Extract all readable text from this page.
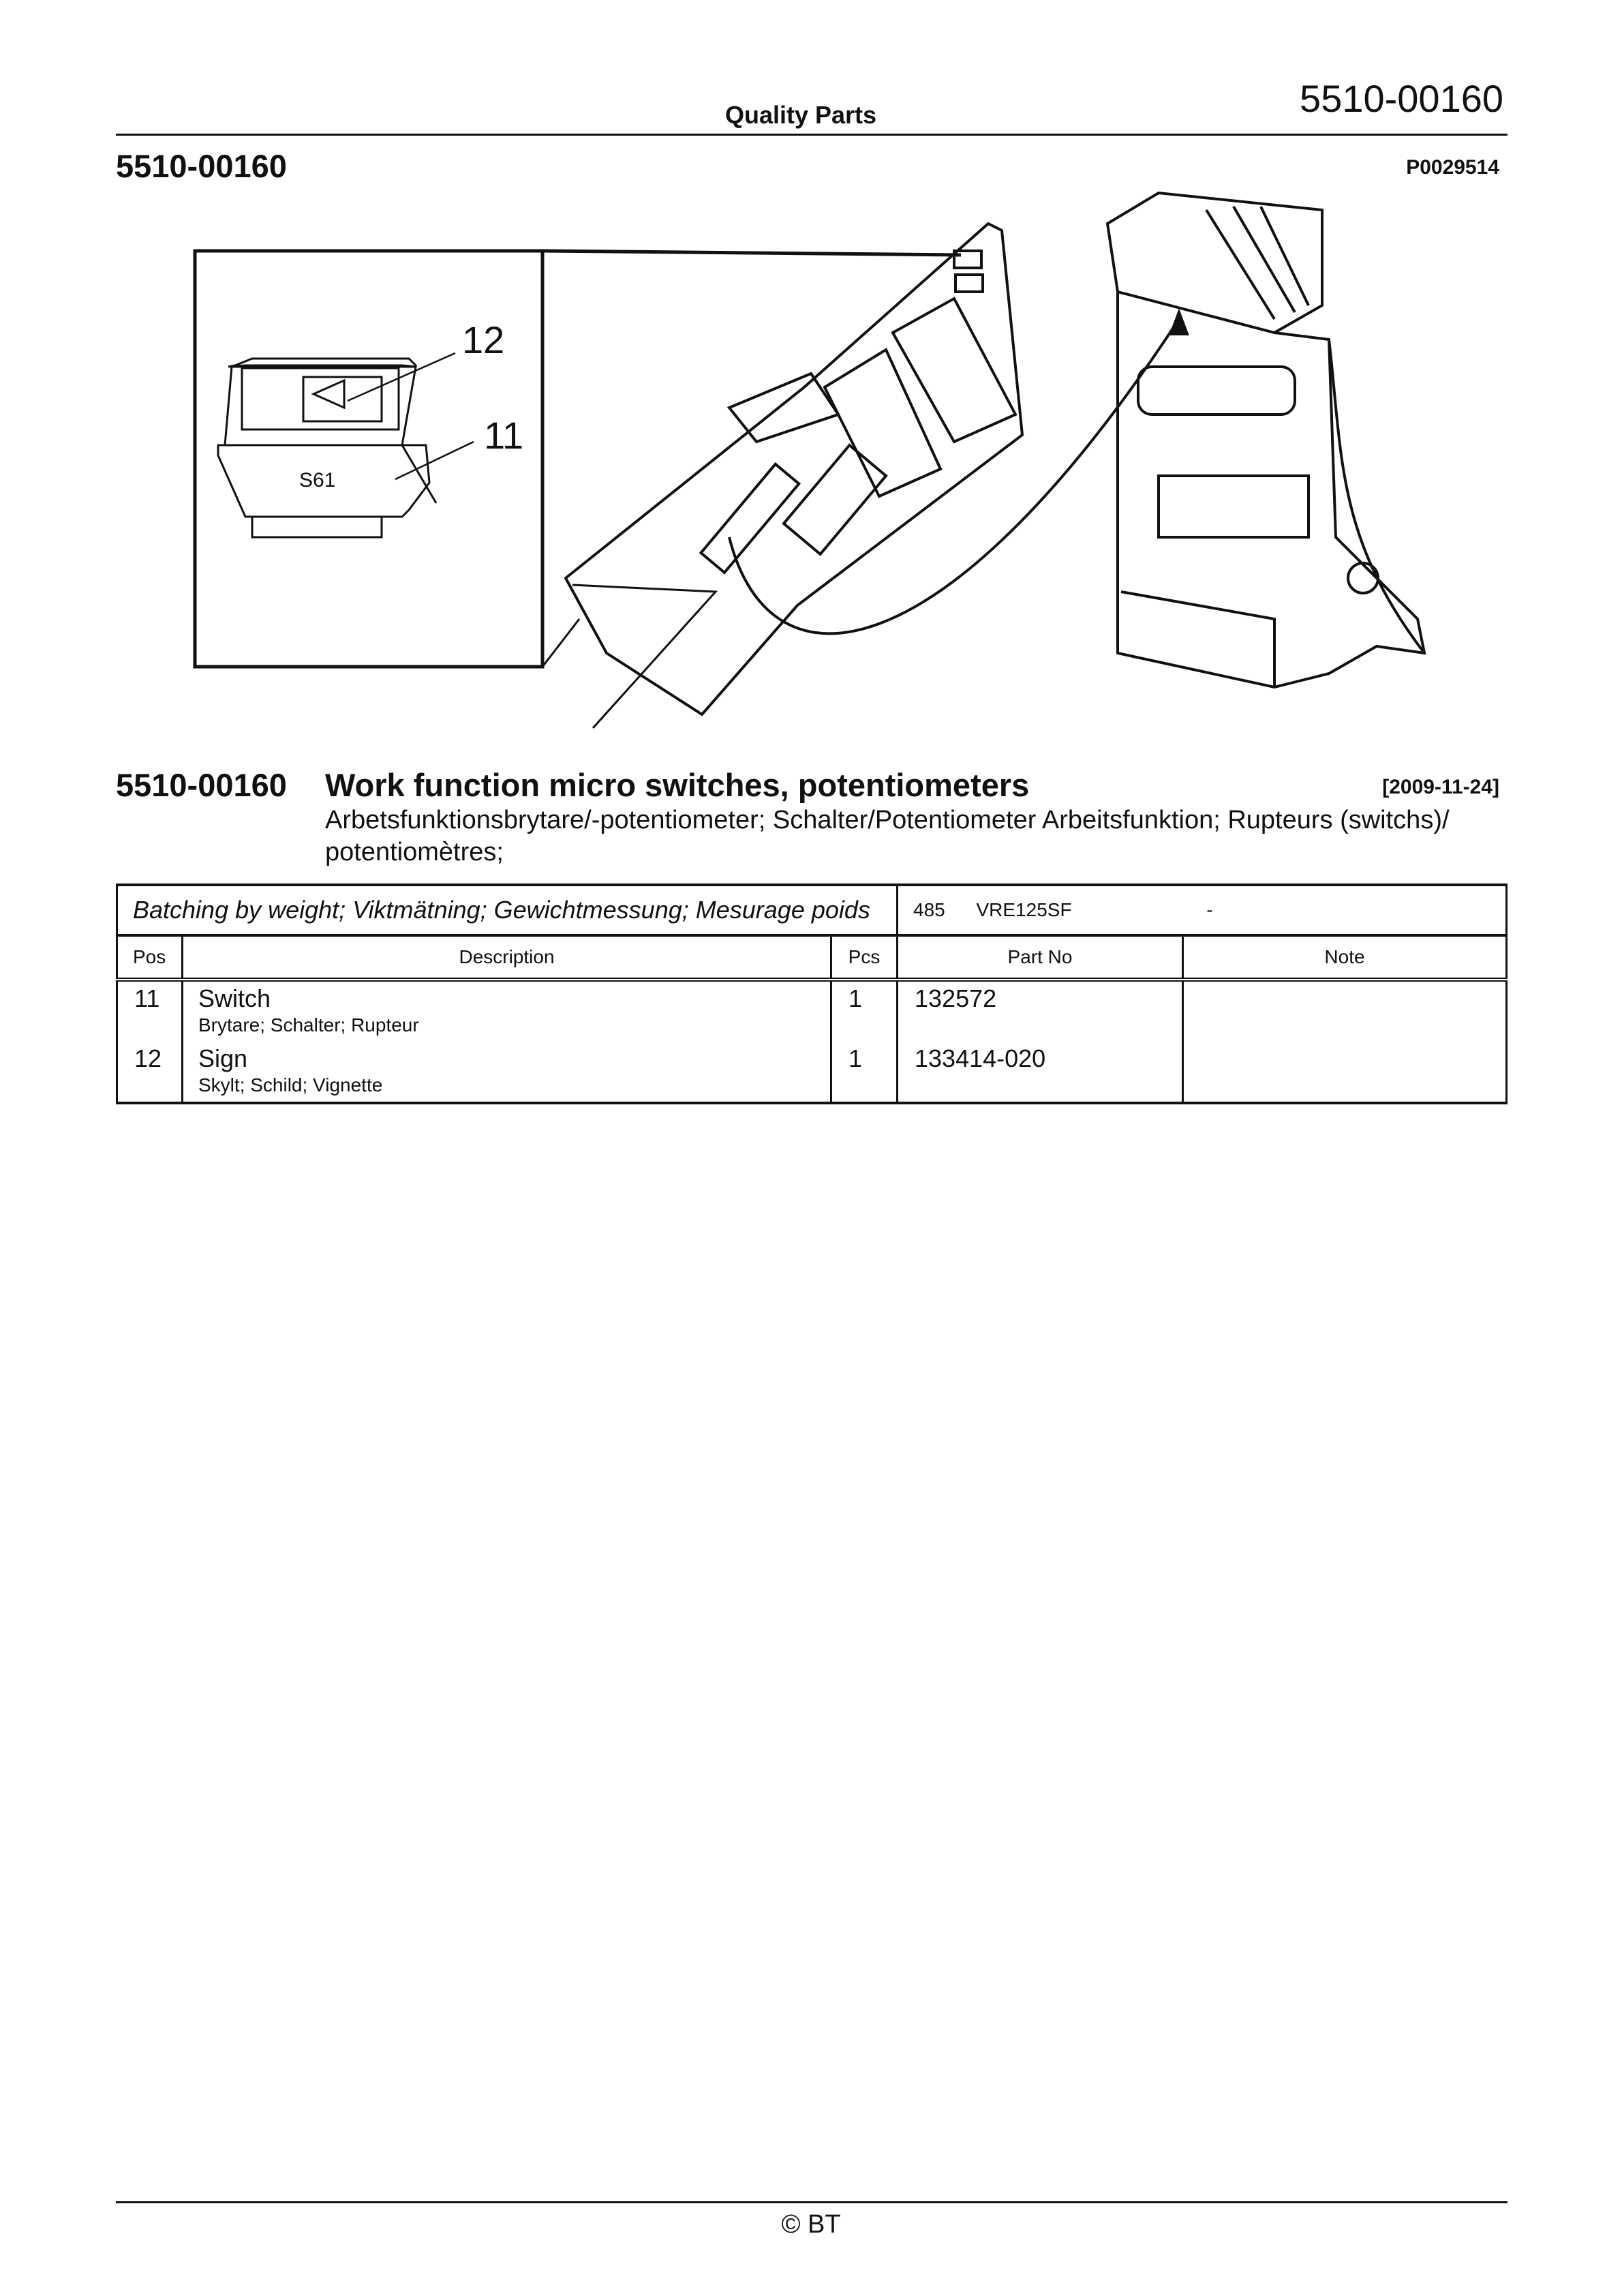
5510-00160
Quality Parts
5510-00160	P0029514
S61
12
11
5510-00160 Work function micro switches, potentiometers	[2009-11-24]
Arbetsfunktionsbrytare/-potentiometer; Schalter/Potentiometer Arbeitsfunktion; Rupteurs (switchs)/ potentiomètres;
Batching by weight; Viktmätning; Gewichtmessung; Mesurage poids			485 VRE125SF -	
Pos	Description	Pcs	Part No	Note

11	Switch
Brytare; Schalter; Rupteur	1	132572	

12	Sign
Skylt; Schild; Vignette	1	133414-020	

© BT
